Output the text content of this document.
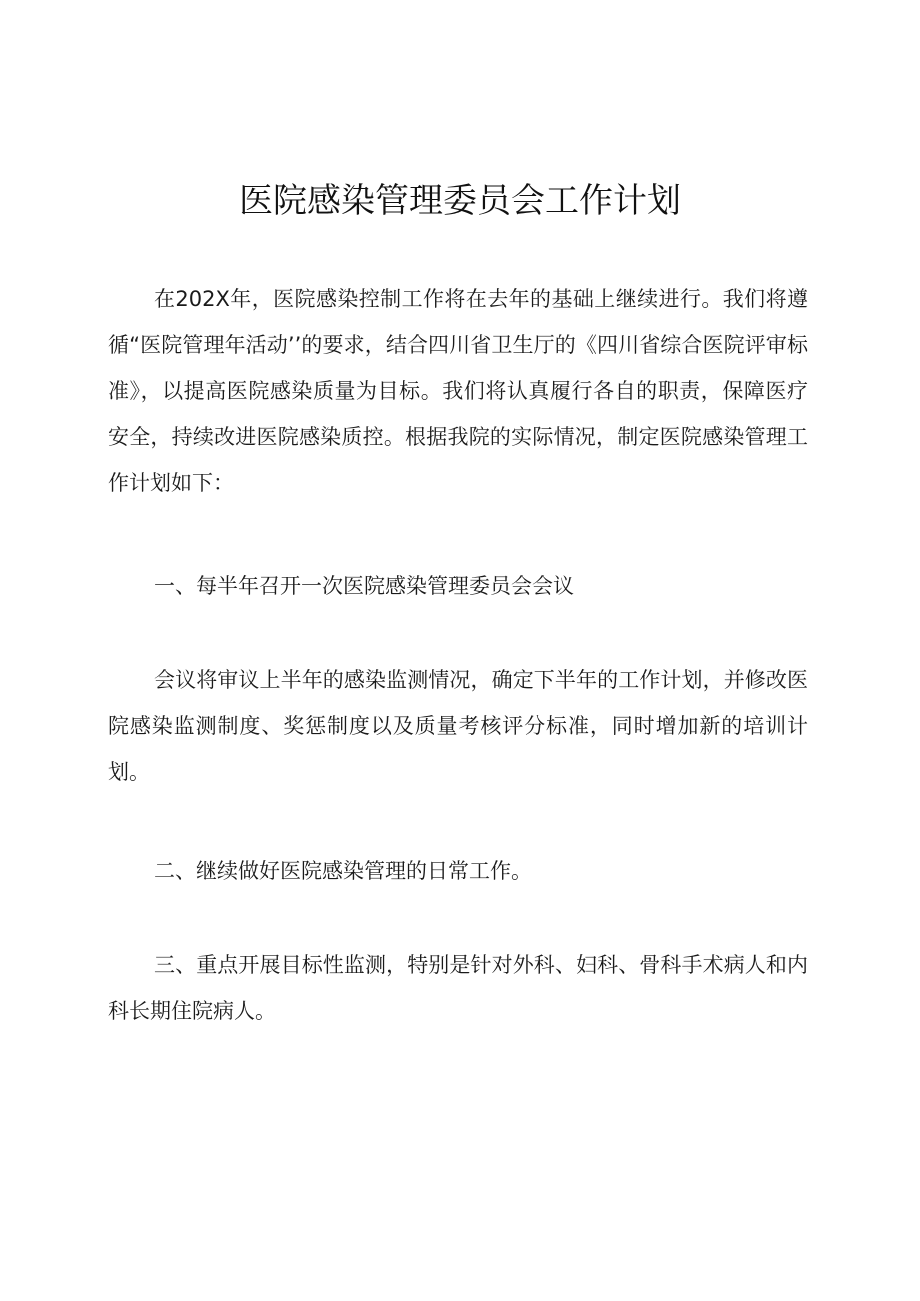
医院感染管理委员会工作计划

在202X年，医院感染控制工作将在去年的基础上继续进行。我们将遵循“医院管理年活动’’的要求，结合四川省卫生厅的《四川省综合医院评审标准》，以提高医院感染质量为目标。我们将认真履行各自的职责，保障医疗安全，持续改进医院感染质控。根据我院的实际情况，制定医院感染管理工作计划如下：

一、每半年召开一次医院感染管理委员会会议

会议将审议上半年的感染监测情况，确定下半年的工作计划，并修改医院感染监测制度、奖惩制度以及质量考核评分标准，同时增加新的培训计划。

二、继续做好医院感染管理的日常工作。

三、重点开展目标性监测，特别是针对外科、妇科、骨科手术病人和内科长期住院病人。
